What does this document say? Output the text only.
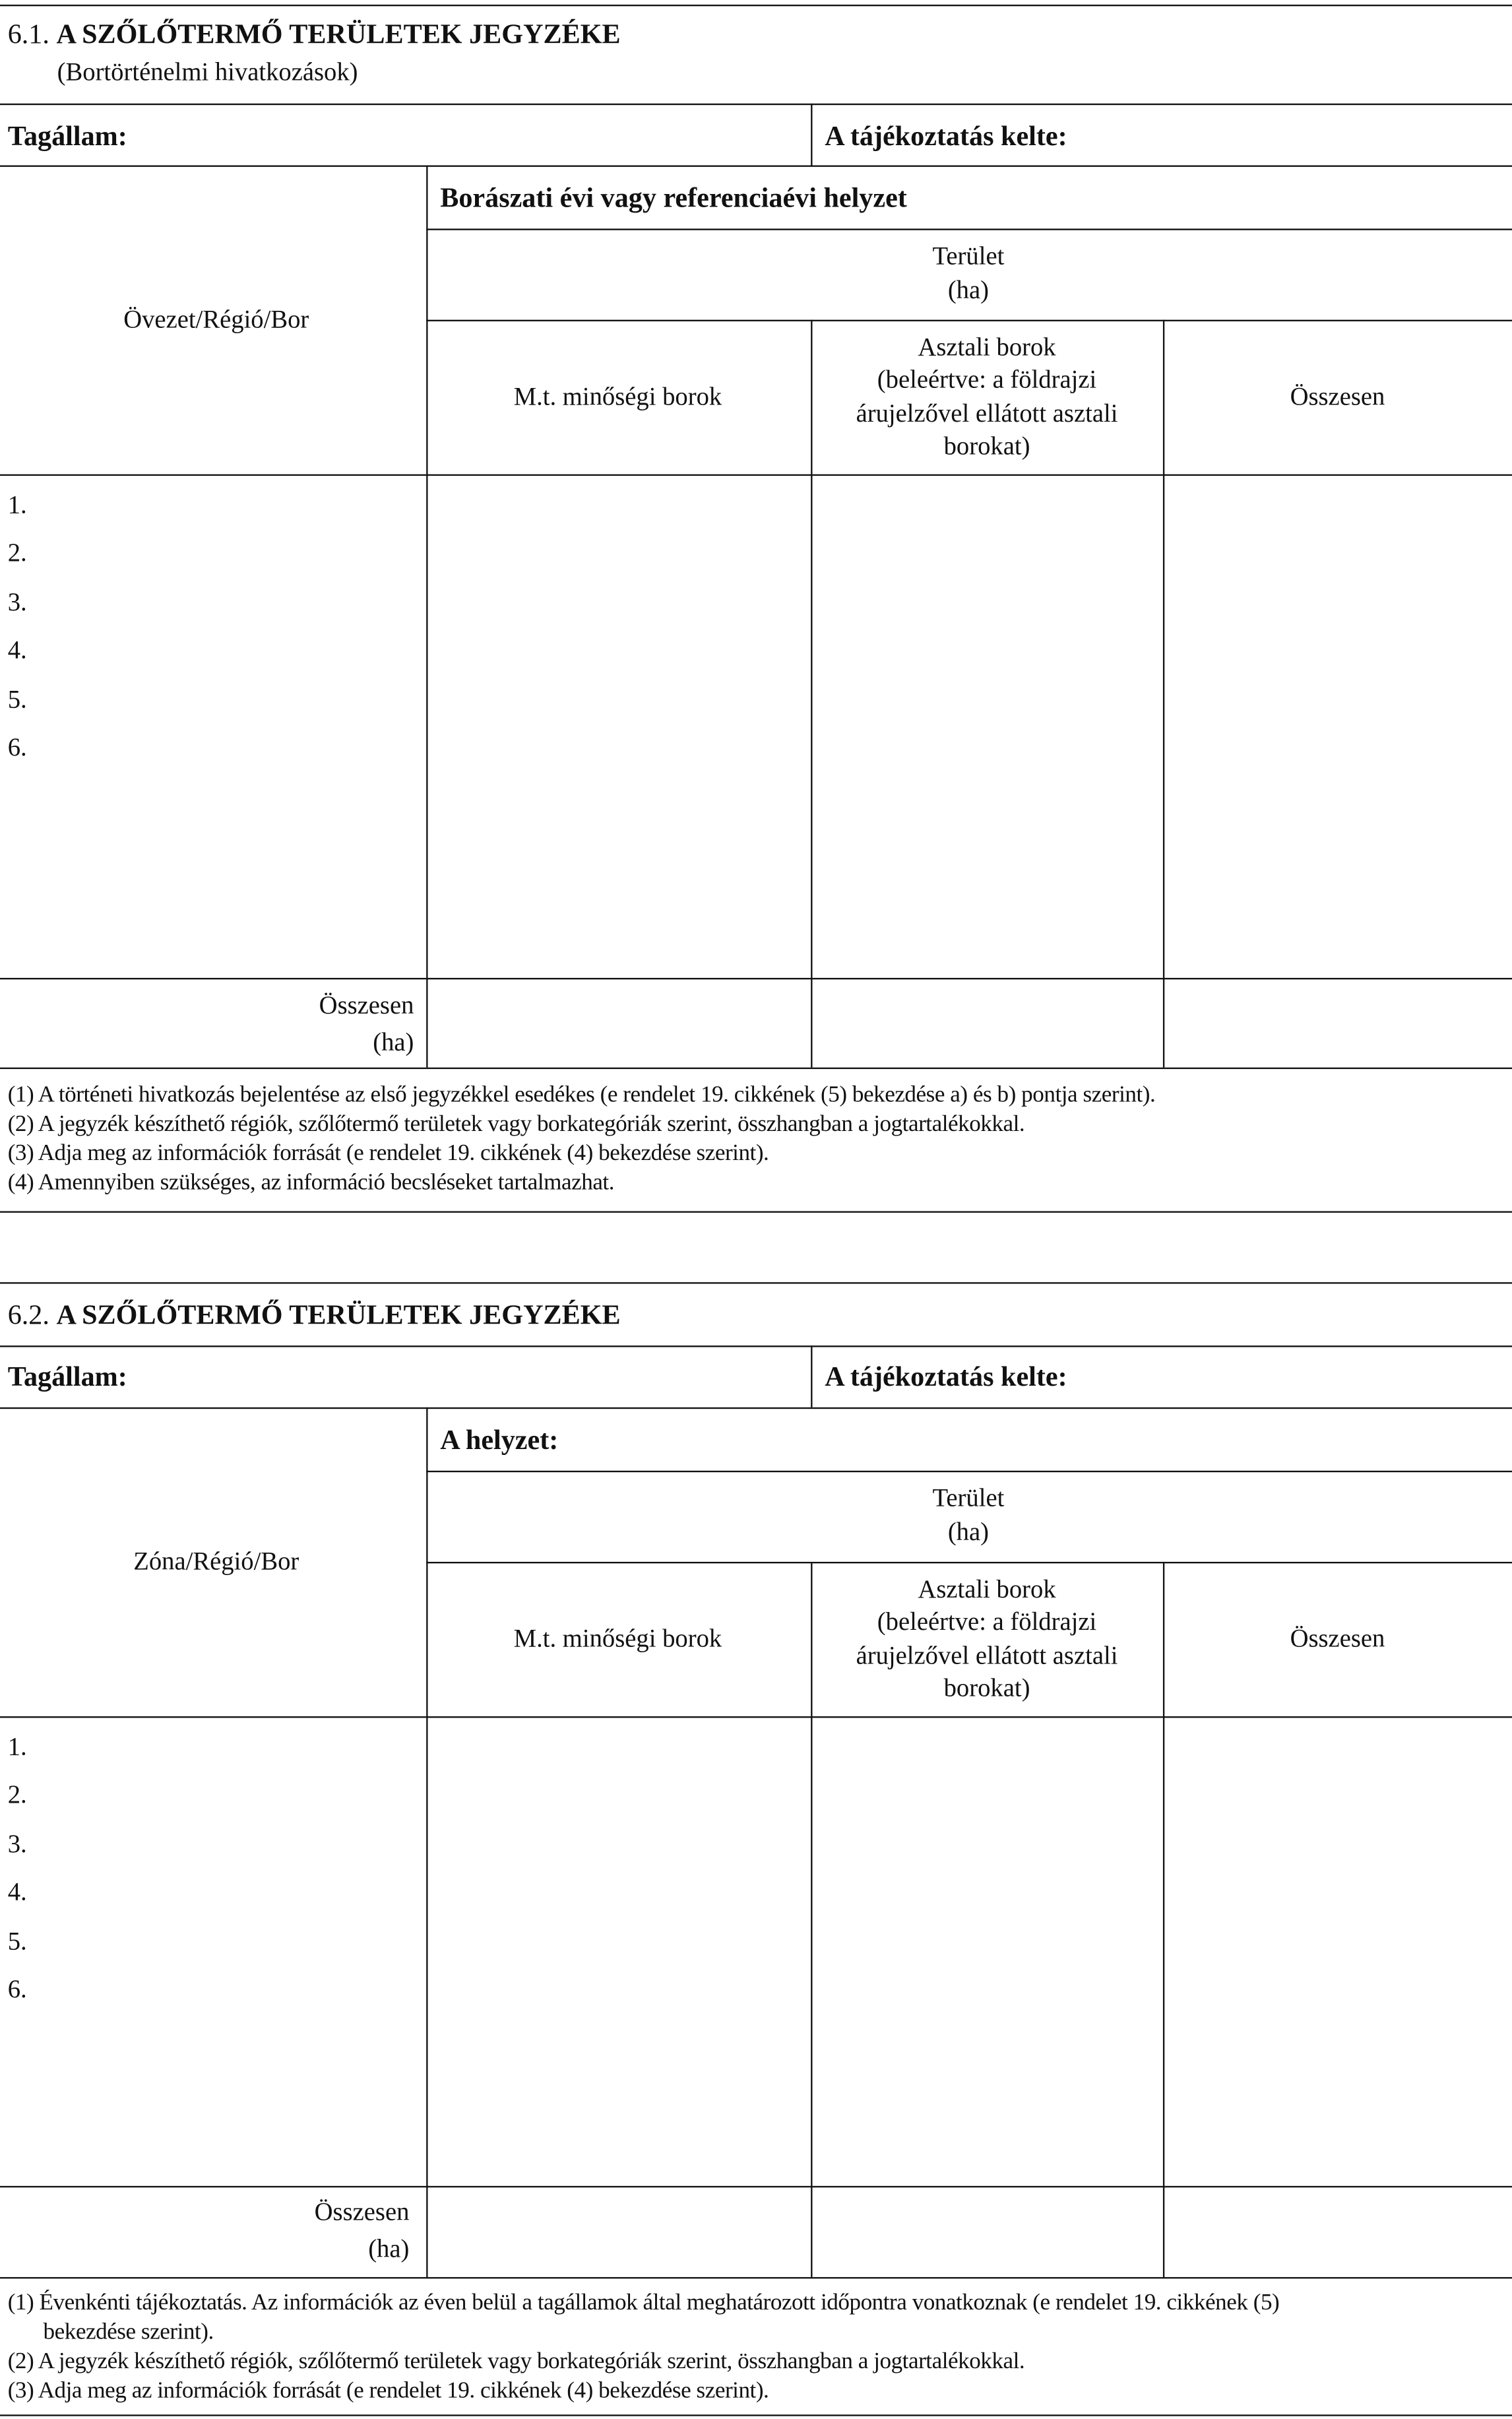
6.1. A SZŐLŐTERMŐ TERÜLETEK JEGYZÉKE
(Bortörténelmi hivatkozások)
Tagállam:	A tájékoztatás kelte:
Övezet/Régió/Bor
Borászati évi vagy referenciaévi helyzet
Terület
(ha)
M.t. minőségi borok
Asztali borok
(beleértve: a földrajzi
árujelzővel ellátott asztali
borokat)
Összesen
1.
2.
3.
4.
5.
6.
Összesen
(ha)
(1) A történeti hivatkozás bejelentése az első jegyzékkel esedékes (e rendelet 19. cikkének (5) bekezdése a) és b) pontja szerint).
(2) A jegyzék készíthető régiók, szőlőtermő területek vagy borkategóriák szerint, összhangban a jogtartalékokkal.
(3) Adja meg az információk forrását (e rendelet 19. cikkének (4) bekezdése szerint).
(4) Amennyiben szükséges, az információ becsléseket tartalmazhat.
6.2. A SZŐLŐTERMŐ TERÜLETEK JEGYZÉKE
Tagállam:	A tájékoztatás kelte:
Zóna/Régió/Bor
A helyzet:
Terület
(ha)
M.t. minőségi borok
Asztali borok
(beleértve: a földrajzi
árujelzővel ellátott asztali
borokat)
Összesen
1.
2.
3.
4.
5.
6.
Összesen
(ha)
(1) Évenkénti tájékoztatás. Az információk az éven belül a tagállamok által meghatározott időpontra vonatkoznak (e rendelet 19. cikkének (5)
bekezdése szerint).
(2) A jegyzék készíthető régiók, szőlőtermő területek vagy borkategóriák szerint, összhangban a jogtartalékokkal.
(3) Adja meg az információk forrását (e rendelet 19. cikkének (4) bekezdése szerint).
